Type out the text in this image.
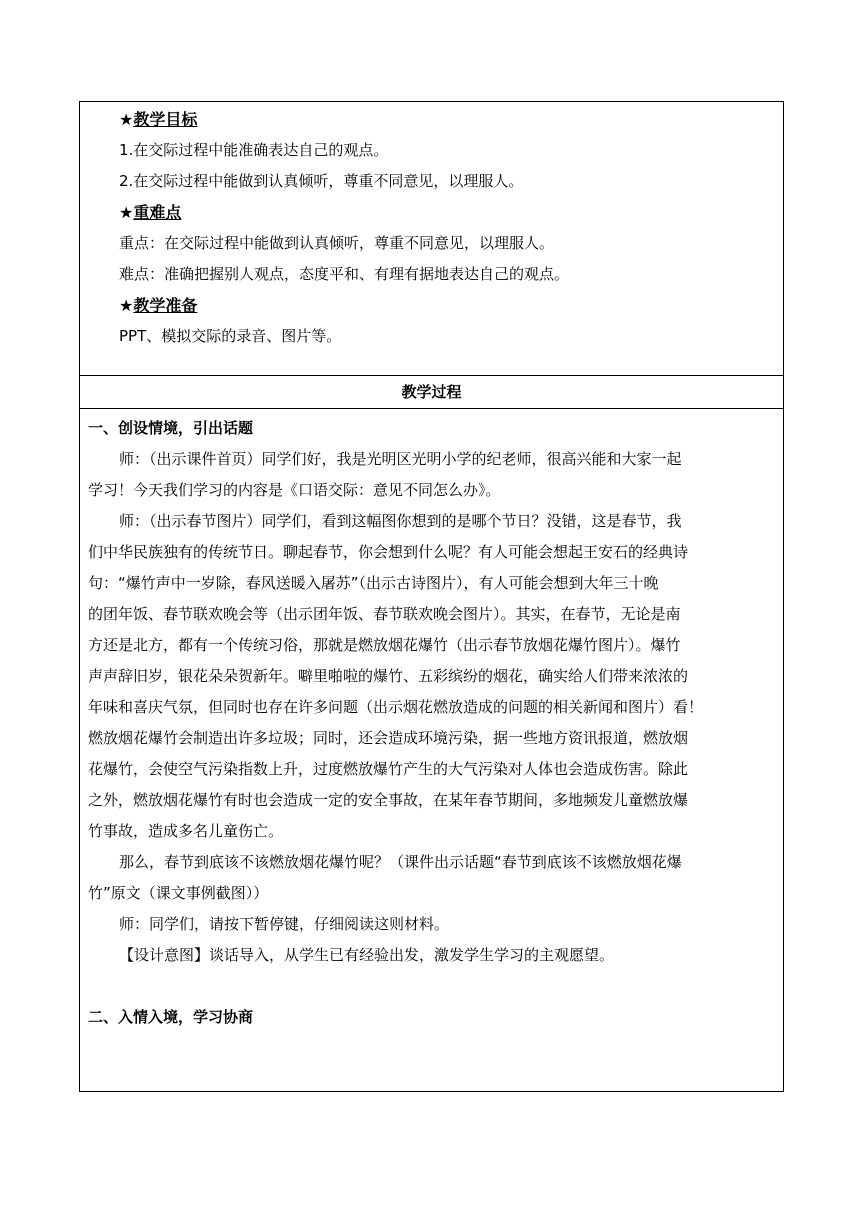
★教学目标
1.在交际过程中能准确表达自己的观点。
2.在交际过程中能做到认真倾听，尊重不同意见，以理服人。
★重难点
重点：在交际过程中能做到认真倾听，尊重不同意见，以理服人。
难点：准确把握别人观点，态度平和、有理有据地表达自己的观点。
★教学准备
PPT、模拟交际的录音、图片等。
教学过程
一、创设情境，引出话题
师：（出示课件首页）同学们好，我是光明区光明小学的纪老师，很高兴能和大家一起
学习！今天我们学习的内容是《口语交际：意见不同怎么办》。
师：（出示春节图片）同学们，看到这幅图你想到的是哪个节日？没错，这是春节，我
们中华民族独有的传统节日。聊起春节，你会想到什么呢？有人可能会想起王安石的经典诗
句：“爆竹声中一岁除，春风送暖入屠苏”（出示古诗图片），有人可能会想到大年三十晚
的团年饭、春节联欢晚会等（出示团年饭、春节联欢晚会图片）。其实，在春节，无论是南
方还是北方，都有一个传统习俗，那就是燃放烟花爆竹（出示春节放烟花爆竹图片）。爆竹
声声辞旧岁，银花朵朵贺新年。噼里啪啦的爆竹、五彩缤纷的烟花，确实给人们带来浓浓的
年味和喜庆气氛，但同时也存在许多问题（出示烟花燃放造成的问题的相关新闻和图片）看！
燃放烟花爆竹会制造出许多垃圾；同时，还会造成环境污染，据一些地方资讯报道，燃放烟
花爆竹，会使空气污染指数上升，过度燃放爆竹产生的大气污染对人体也会造成伤害。除此
之外，燃放烟花爆竹有时也会造成一定的安全事故，在某年春节期间，多地频发儿童燃放爆
竹事故，造成多名儿童伤亡。
那么，春节到底该不该燃放烟花爆竹呢？（课件出示话题“春节到底该不该燃放烟花爆
竹”原文（课文事例截图））
师：同学们，请按下暂停键，仔细阅读这则材料。
【设计意图】谈话导入，从学生已有经验出发，激发学生学习的主观愿望。
二、入情入境，学习协商
